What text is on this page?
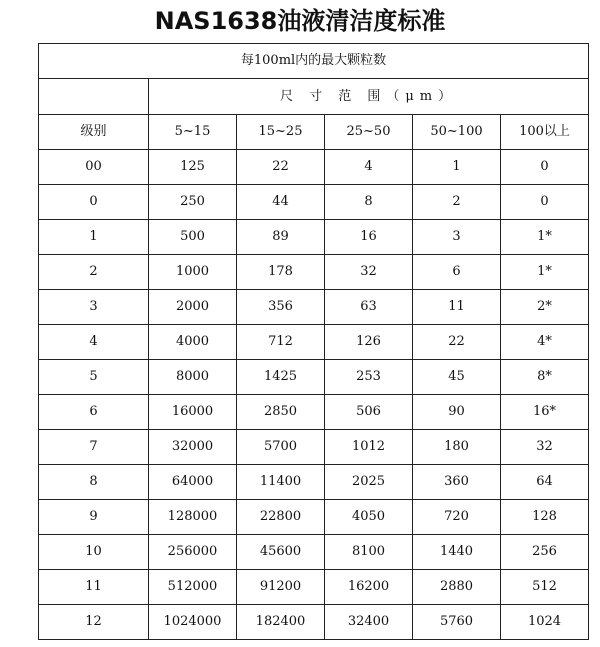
NAS1638油液清洁度标准
每100ml内的最大颗粒数					
	尺 寸 范 围（μm）				
级别	5~15	15~25	25~50	50~100	100以上
00	125	22	4	1	0
0	250	44	8	2	0
1	500	89	16	3	1*
2	1000	178	32	6	1*
3	2000	356	63	11	2*
4	4000	712	126	22	4*
5	8000	1425	253	45	8*
6	16000	2850	506	90	16*
7	32000	5700	1012	180	32
8	64000	11400	2025	360	64
9	128000	22800	4050	720	128
10	256000	45600	8100	1440	256
11	512000	91200	16200	2880	512
12	1024000	182400	32400	5760	1024
